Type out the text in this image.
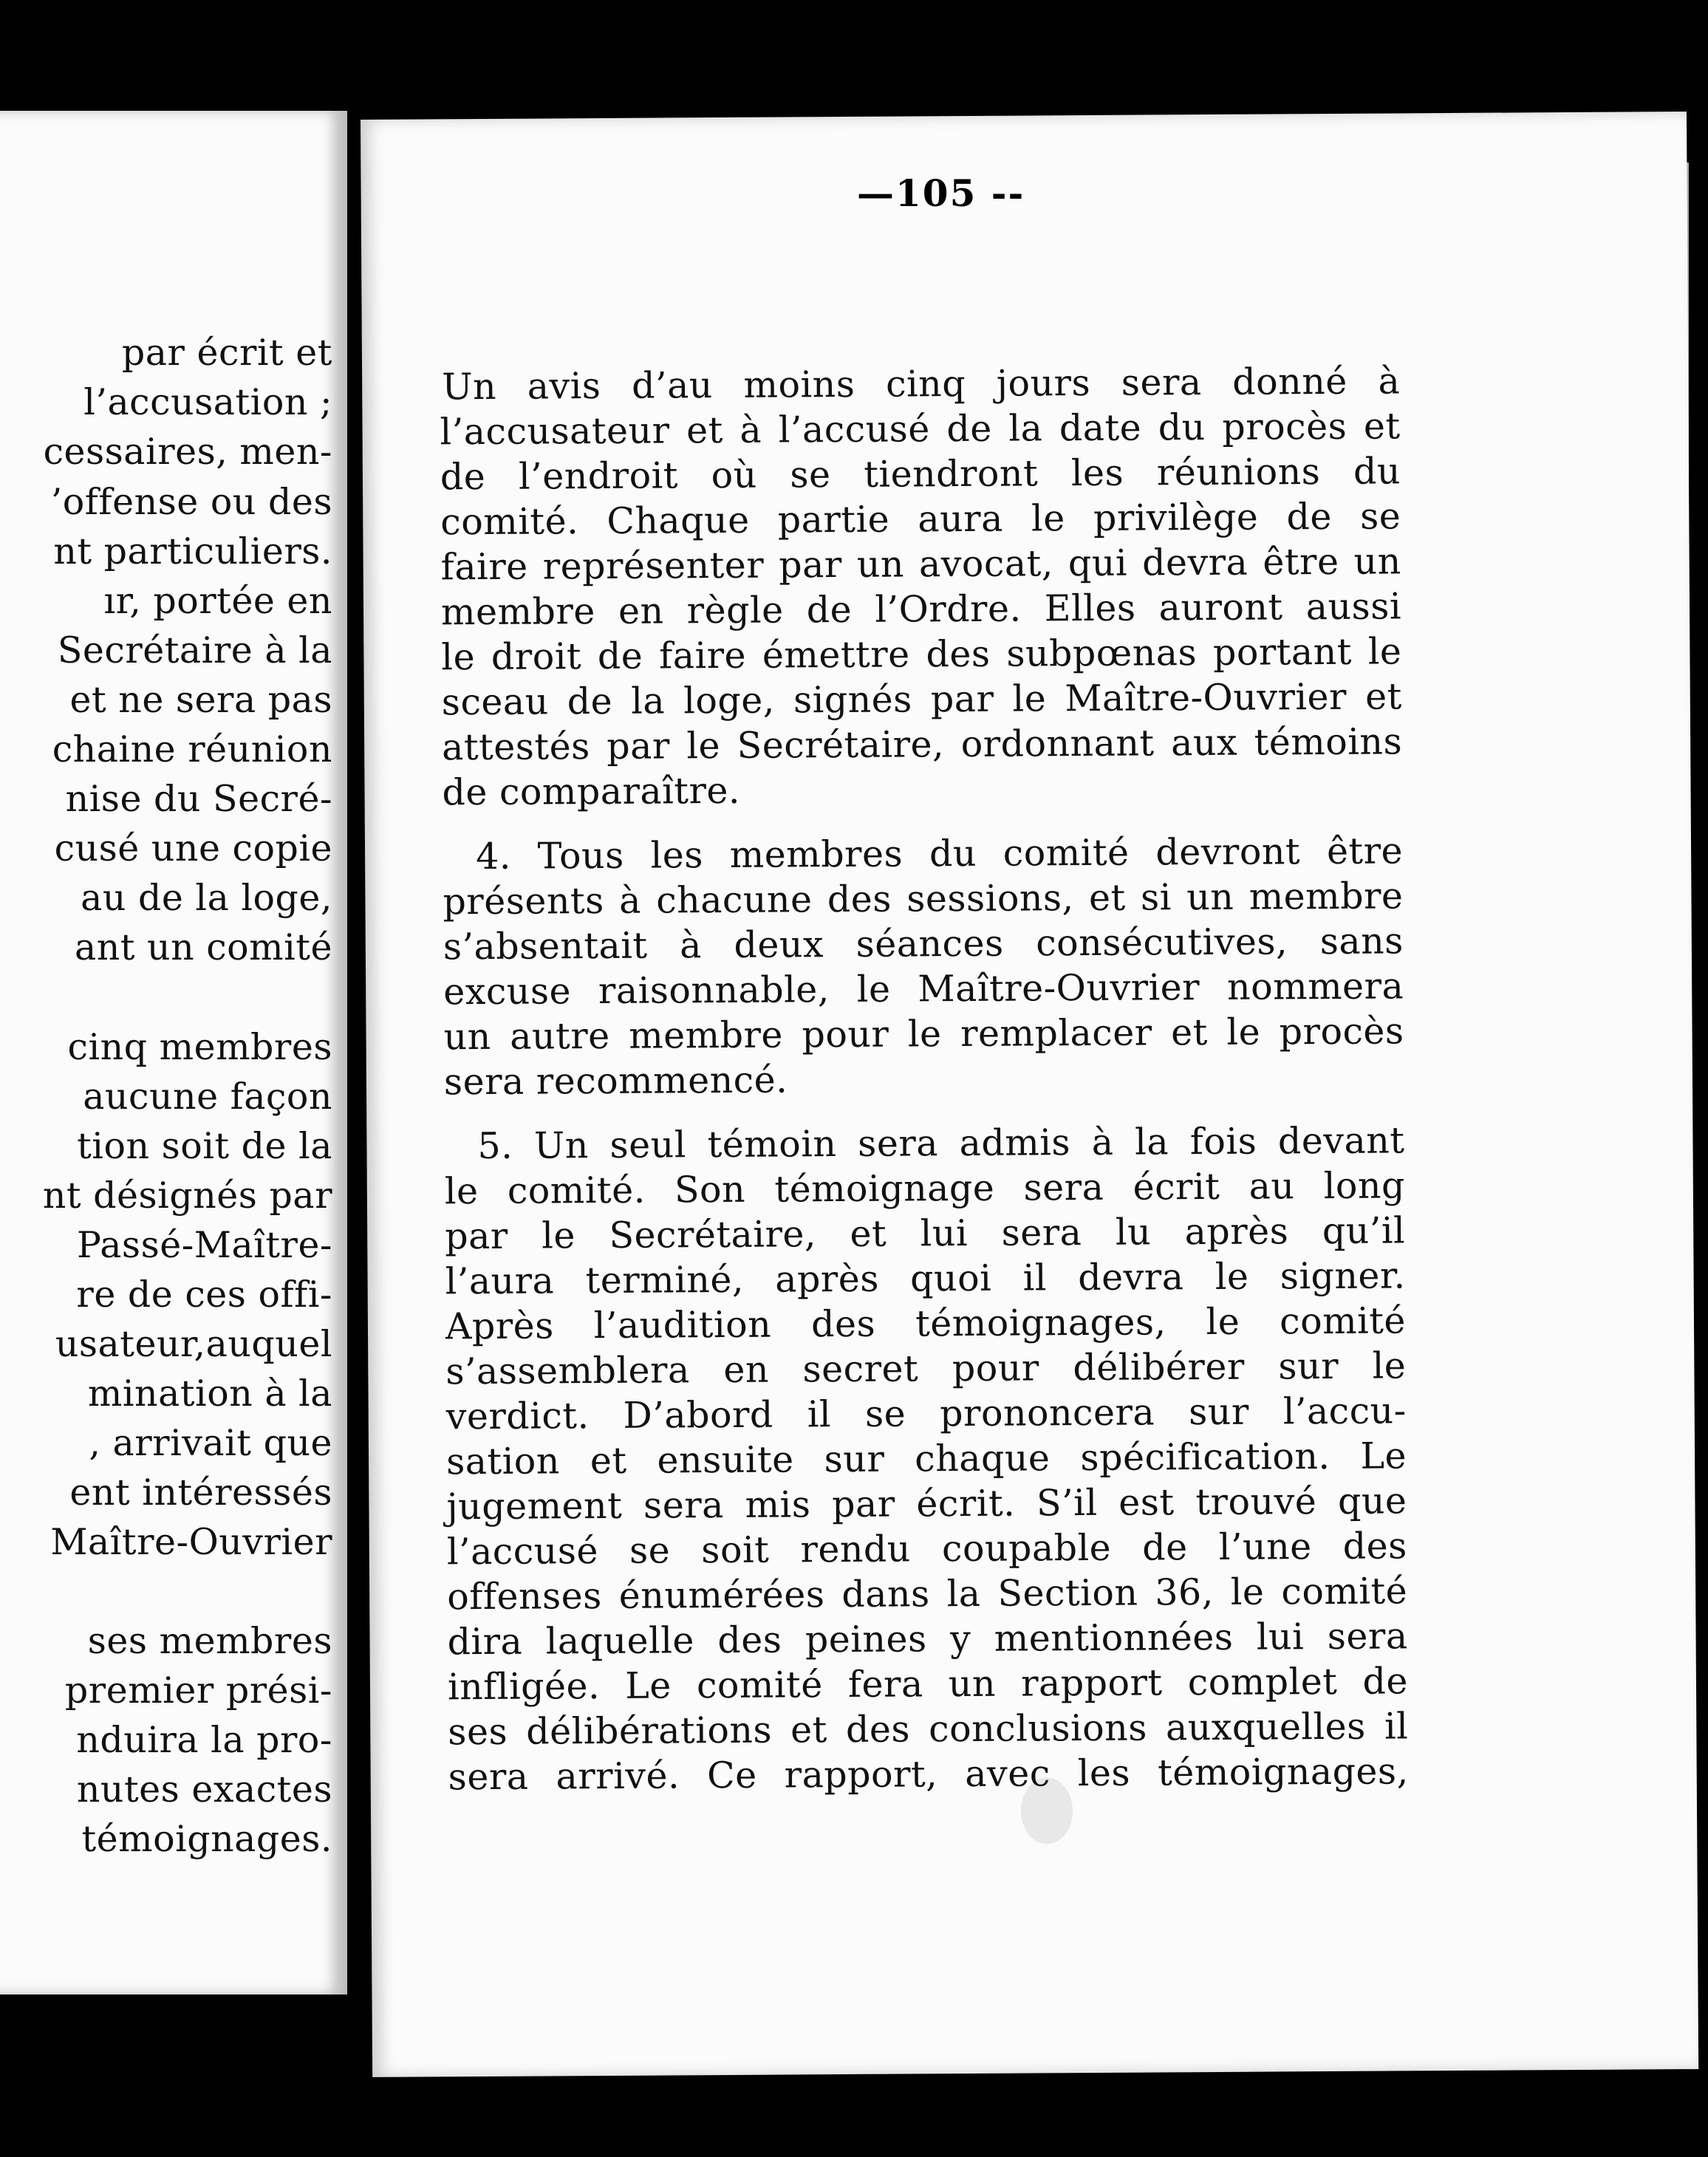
par écrit et
l’accusation ;
cessaires, men-
’offense ou des
nt particuliers.
ır, portée en
Secrétaire à la
et ne sera pas
chaine réunion
nise du Secré-
cusé une copie
au de la loge,
ant un comité
cinq membres
aucune façon
tion soit de la
nt désignés par
Passé-Maître-
re de ces offi-
usateur,auquel
mination à la
, arrivait que
ent intéressés
Maître-Ouvrier
ses membres
premier prési-
nduira la pro-
nutes exactes
témoignages.
Un avis d’au moins cinq jours sera donné à
l’accusateur et à l’accusé de la date du procès et
de l’endroit où se tiendront les réunions du
comité. Chaque partie aura le privilège de se
faire représenter par un avocat, qui devra être un
membre en règle de l’Ordre. Elles auront aussi
le droit de faire émettre des subpœnas portant le
sceau de la loge, signés par le Maître-Ouvrier et
attestés par le Secrétaire, ordonnant aux témoins
de comparaître.
4. Tous les membres du comité devront être
présents à chacune des sessions, et si un membre
s’absentait à deux séances consécutives, sans
excuse raisonnable, le Maître-Ouvrier nommera
un autre membre pour le remplacer et le procès
sera recommencé.
5. Un seul témoin sera admis à la fois devant
le comité. Son témoignage sera écrit au long
par le Secrétaire, et lui sera lu après qu’il
l’aura terminé, après quoi il devra le signer.
Après l’audition des témoignages, le comité
s’assemblera en secret pour délibérer sur le
verdict. D’abord il se prononcera sur l’accu-
sation et ensuite sur chaque spécification. Le
jugement sera mis par écrit. S’il est trouvé que
l’accusé se soit rendu coupable de l’une des
offenses énumérées dans la Section 36, le comité
dira laquelle des peines y mentionnées lui sera
infligée. Le comité fera un rapport complet de
ses délibérations et des conclusions auxquelles il
sera arrivé. Ce rapport, avec les témoignages,
—105 --
